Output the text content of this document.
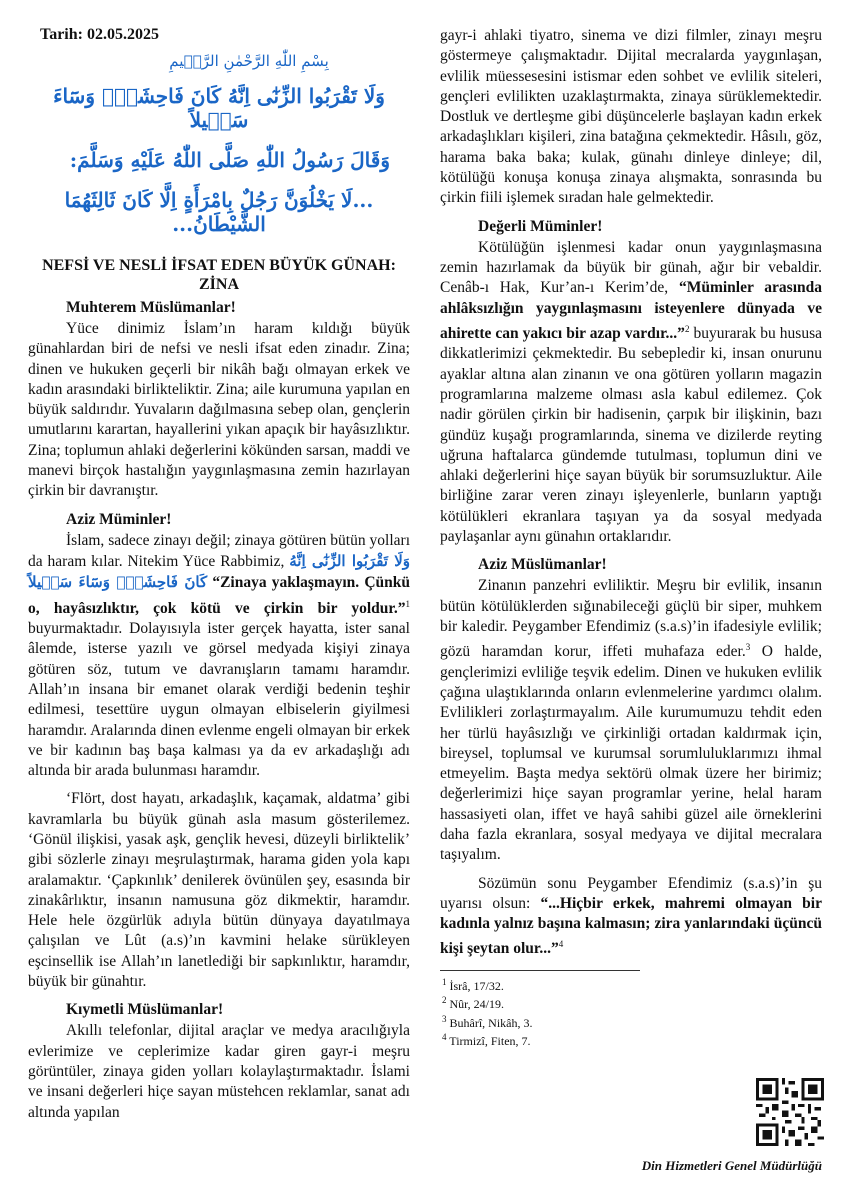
Tarih: 02.05.2025
بِسْمِ اللّٰهِ الرَّحْمٰنِ الرَّح۪يمِ
وَلَا تَقْرَبُوا الزِّنٰٓى اِنَّهُ كَانَ فَاحِشَةًۜ وَسَٓاءَ سَب۪يلاً
وَقَالَ رَسُولُ اللّٰهِ صَلَّى اللّٰهُ عَلَيْهِ وَسَلَّمَ:
...لَا يَخْلُوَنَّ رَجُلٌ بِامْرَأَةٍ اِلَّا كَانَ ثَالِثَهُمَا الشَّيْطَانُ...
NEFSİ VE NESLİ İFSAT EDEN BÜYÜK GÜNAH:
ZİNA
Muhterem Müslümanlar!

Yüce dinimiz İslam’ın haram kıldığı büyük günahlardan biri de nefsi ve nesli ifsat eden zinadır. Zina; dinen ve hukuken geçerli bir nikâh bağı olmayan erkek ve kadın arasındaki birlikteliktir. Zina; aile kurumuna yapılan en büyük saldırıdır. Yuvaların dağılmasına sebep olan, gençlerin umutlarını karartan, hayallerini yıkan apaçık bir hayâsızlıktır. Zina; toplumun ahlaki değerlerini kökünden sarsan, maddi ve manevi birçok hastalığın yaygınlaşmasına zemin hazırlayan çirkin bir davranıştır.

Aziz Müminler!

İslam, sadece zinayı değil; zinaya götüren bütün yolları da haram kılar. Nitekim Yüce Rabbimiz, وَلَا تَقْرَبُوا الزِّنٰٓى اِنَّهُ كَانَ فَاحِشَةًۜ وَسَٓاءَ سَب۪يلاً “Zinaya yaklaşmayın. Çünkü o, hayâsızlıktır, çok kötü ve çirkin bir yoldur.”$^1$ buyurmaktadır. Dolayısıyla ister gerçek hayatta, ister sanal âlemde, isterse yazılı ve görsel medyada kişiyi zinaya götüren söz, tutum ve davranışların tamamı haramdır. Allah’ın insana bir emanet olarak verdiği bedenin teşhir edilmesi, tesettüre uygun olmayan elbiselerin giyilmesi haramdır. Aralarında dinen evlenme engeli olmayan bir erkek ve bir kadının baş başa kalması ya da ev arkadaşlığı adı altında bir arada bulunması haramdır.

‘Flört, dost hayatı, arkadaşlık, kaçamak, aldatma’ gibi kavramlarla bu büyük günah asla masum gösterilemez. ‘Gönül ilişkisi, yasak aşk, gençlik hevesi, düzeyli birliktelik’ gibi sözlerle zinayı meşrulaştırmak, harama giden yola kapı aralamaktır. ‘Çapkınlık’ denilerek övünülen şey, esasında bir zinakârlıktır, insanın namusuna göz dikmektir, haramdır. Hele hele özgürlük adıyla bütün dünyaya dayatılmaya çalışılan ve Lût (a.s)’ın kavmini helake sürükleyen eşcinsellik ise Allah’ın lanetlediği bir sapkınlıktır, haramdır, büyük bir günahtır.

Kıymetli Müslümanlar!

Akıllı telefonlar, dijital araçlar ve medya aracılığıyla evlerimize ve ceplerimize kadar giren gayr-i meşru görüntüler, zinaya giden yolları kolaylaştırmaktadır. İslami ve insani değerleri hiçe sayan müstehcen reklamlar, sanat adı altında yapılan

gayr-i ahlaki tiyatro, sinema ve dizi filmler, zinayı meşru göstermeye çalışmaktadır. Dijital mecralarda yaygınlaşan, evlilik müessesesini istismar eden sohbet ve evlilik siteleri, gençleri evlilikten uzaklaştırmakta, zinaya sürüklemektedir. Dostluk ve dertleşme gibi düşüncelerle başlayan kadın erkek arkadaşlıkları kişileri, zina batağına çekmektedir. Hâsılı, göz, harama baka baka; kulak, günahı dinleye dinleye; dil, kötülüğü konuşa konuşa zinaya alışmakta, sonrasında bu çirkin fiili işlemek sıradan hale gelmektedir.

Değerli Müminler!

Kötülüğün işlenmesi kadar onun yaygınlaşmasına zemin hazırlamak da büyük bir günah, ağır bir vebaldir. Cenâb-ı Hak, Kur’an-ı Kerim’de, “Müminler arasında ahlâksızlığın yaygınlaşmasını isteyenlere dünyada ve ahirette can yakıcı bir azap vardır...”$^2$ buyurarak bu hususa dikkatlerimizi çekmektedir. Bu sebepledir ki, insan onurunu ayaklar altına alan zinanın ve ona götüren yolların magazin programlarına malzeme olması asla kabul edilemez. Çok nadir görülen çirkin bir hadisenin, çarpık bir ilişkinin, bazı gündüz kuşağı programlarında, sinema ve dizilerde reyting uğruna haftalarca gündemde tutulması, toplumun dini ve ahlaki değerlerini hiçe sayan büyük bir sorumsuzluktur. Aile birliğine zarar veren zinayı işleyenlerle, bunların yaptığı kötülükleri ekranlara taşıyan ya da sosyal medyada paylaşanlar aynı günahın ortaklarıdır.

Aziz Müslümanlar!

Zinanın panzehri evliliktir. Meşru bir evlilik, insanın bütün kötülüklerden sığınabileceği güçlü bir siper, muhkem bir kaledir. Peygamber Efendimiz (s.a.s)’in ifadesiyle evlilik; gözü haramdan korur, iffeti muhafaza eder.$^3$ O halde, gençlerimizi evliliğe teşvik edelim. Dinen ve hukuken evlilik çağına ulaştıklarında onların evlenmelerine yardımcı olalım. Evlilikleri zorlaştırmayalım. Aile kurumumuzu tehdit eden her türlü hayâsızlığı ve çirkinliği ortadan kaldırmak için, bireysel, toplumsal ve kurumsal sorumluluklarımızı ihmal etmeyelim. Başta medya sektörü olmak üzere her birimiz; değerlerimizi hiçe sayan programlar yerine, helal haram hassasiyeti olan, iffet ve hayâ sahibi güzel aile örneklerini daha fazla ekranlara, sosyal medyaya ve dijital mecralara taşıyalım.

Sözümün sonu Peygamber Efendimiz (s.a.s)’in şu uyarısı olsun: “...Hiçbir erkek, mahremi olmayan bir kadınla yalnız başına kalmasın; zira yanlarındaki üçüncü kişi şeytan olur...”$^4$

$^1$ İsrâ, 17/32.
$^2$ Nûr, 24/19.
$^3$ Buhârî, Nikâh, 3.
$^4$ Tirmizî, Fiten, 7.
Din Hizmetleri Genel Müdürlüğü
